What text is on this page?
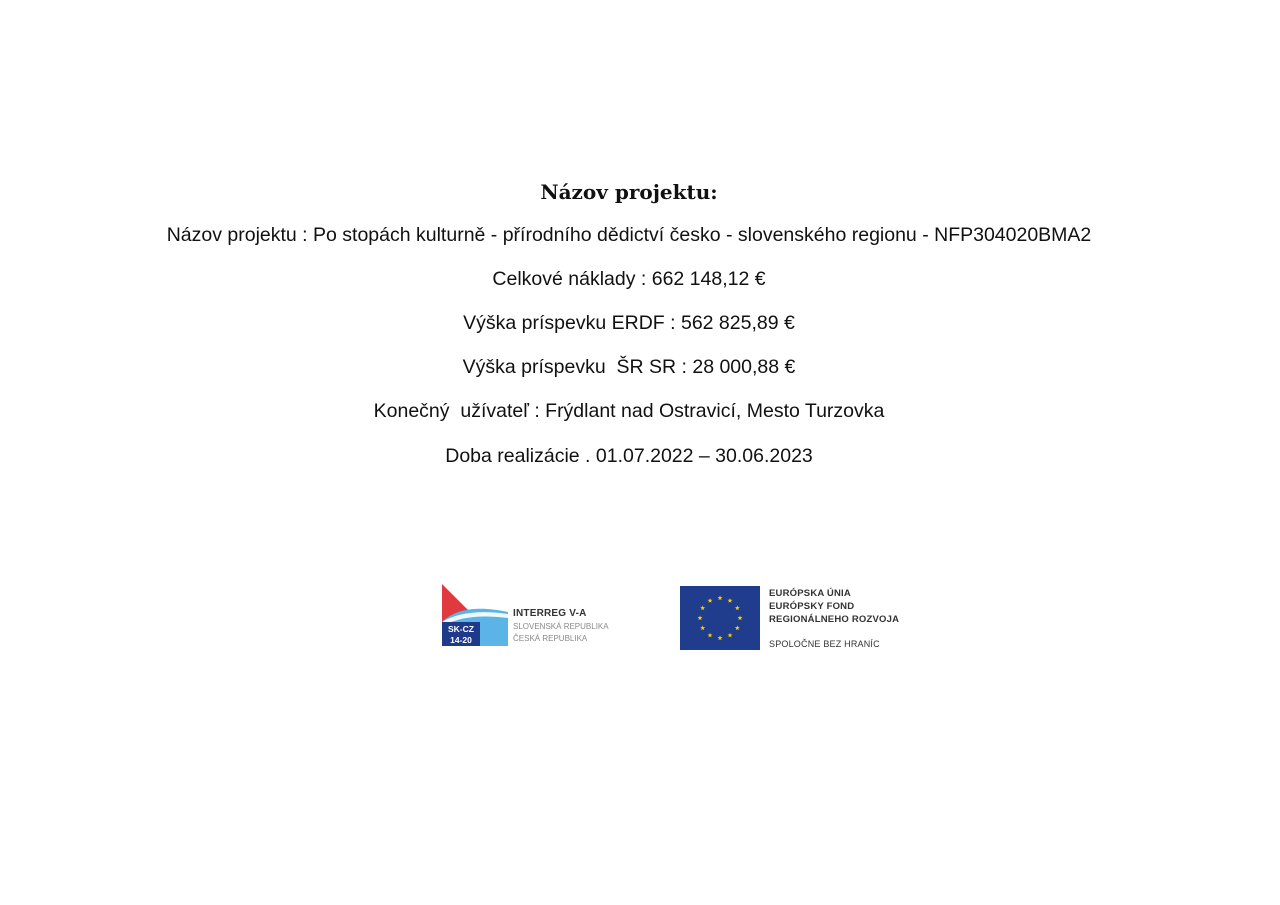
Názov projektu:

Názov projektu : Po stopách kulturně - přírodního dědictví česko - slovenského regionu - NFP304020BMA2

Celkové náklady : 662 148,12 €

Výška príspevku ERDF : 562 825,89 €

Výška príspevku  ŠR SR : 28 000,88 €

Konečný  užívateľ : Frýdlant nad Ostravicí, Mesto Turzovka

Doba realizácie . 01.07.2022 – 30.06.2023

SK-CZ
14-20
INTERREG V-A
SLOVENSKÁ REPUBLIKA
ČESKÁ REPUBLIKA
EURÓPSKA ÚNIA
EURÓPSKY FOND
REGIONÁLNEHO ROZVOJA
SPOLOČNE BEZ HRANÍC
